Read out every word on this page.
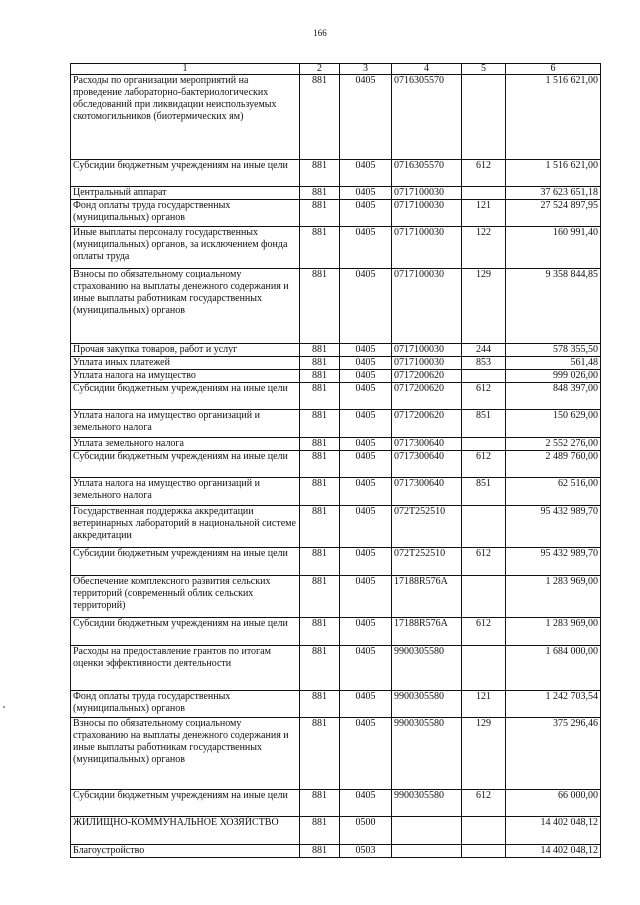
166
1	2	3	4	5	6
Расходы по организации мероприятий на проведение лабораторно-бактериологических обследований при ликвидации неиспользуемых скотомогильников (биотермических ям)	881	0405	0716305570		1 516 621,00
Субсидии бюджетным учреждениям на иные цели	881	0405	0716305570	612	1 516 621,00
Центральный аппарат	881	0405	0717100030		37 623 651,18
Фонд оплаты труда государственных (муниципальных) органов	881	0405	0717100030	121	27 524 897,95
Иные выплаты персоналу государственных (муниципальных) органов, за исключением фонда оплаты труда	881	0405	0717100030	122	160 991,40
Взносы по обязательному социальному страхованию на выплаты денежного содержания и иные выплаты работникам государственных (муниципальных) органов	881	0405	0717100030	129	9 358 844,85
Прочая закупка товаров, работ и услуг	881	0405	0717100030	244	578 355,50
Уплата иных платежей	881	0405	0717100030	853	561,48
Уплата налога на имущество	881	0405	0717200620		999 026,00
Субсидии бюджетным учреждениям на иные цели	881	0405	0717200620	612	848 397,00
Уплата налога на имущество организаций и земельного налога	881	0405	0717200620	851	150 629,00
Уплата земельного налога	881	0405	0717300640		2 552 276,00
Субсидии бюджетным учреждениям на иные цели	881	0405	0717300640	612	2 489 760,00
Уплата налога на имущество организаций и земельного налога	881	0405	0717300640	851	62 516,00
Государственная поддержка аккредитации ветеринарных лабораторий в национальной системе аккредитации	881	0405	072Т252510		95 432 989,70
Субсидии бюджетным учреждениям на иные цели	881	0405	072Т252510	612	95 432 989,70
Обеспечение комплексного развития сельских территорий (современный облик сельских территорий)	881	0405	17188R576A		1 283 969,00
Субсидии бюджетным учреждениям на иные цели	881	0405	17188R576A	612	1 283 969,00
Расходы на предоставление грантов по итогам оценки эффективности деятельности	881	0405	9900305580		1 684 000,00
Фонд оплаты труда государственных (муниципальных) органов	881	0405	9900305580	121	1 242 703,54
Взносы по обязательному социальному страхованию на выплаты денежного содержания и иные выплаты работникам государственных (муниципальных) органов	881	0405	9900305580	129	375 296,46
Субсидии бюджетным учреждениям на иные цели	881	0405	9900305580	612	66 000,00
ЖИЛИЩНО-КОММУНАЛЬНОЕ ХОЗЯЙСТВО	881	0500			14 402 048,12
Благоустройство	881	0503			14 402 048,12
